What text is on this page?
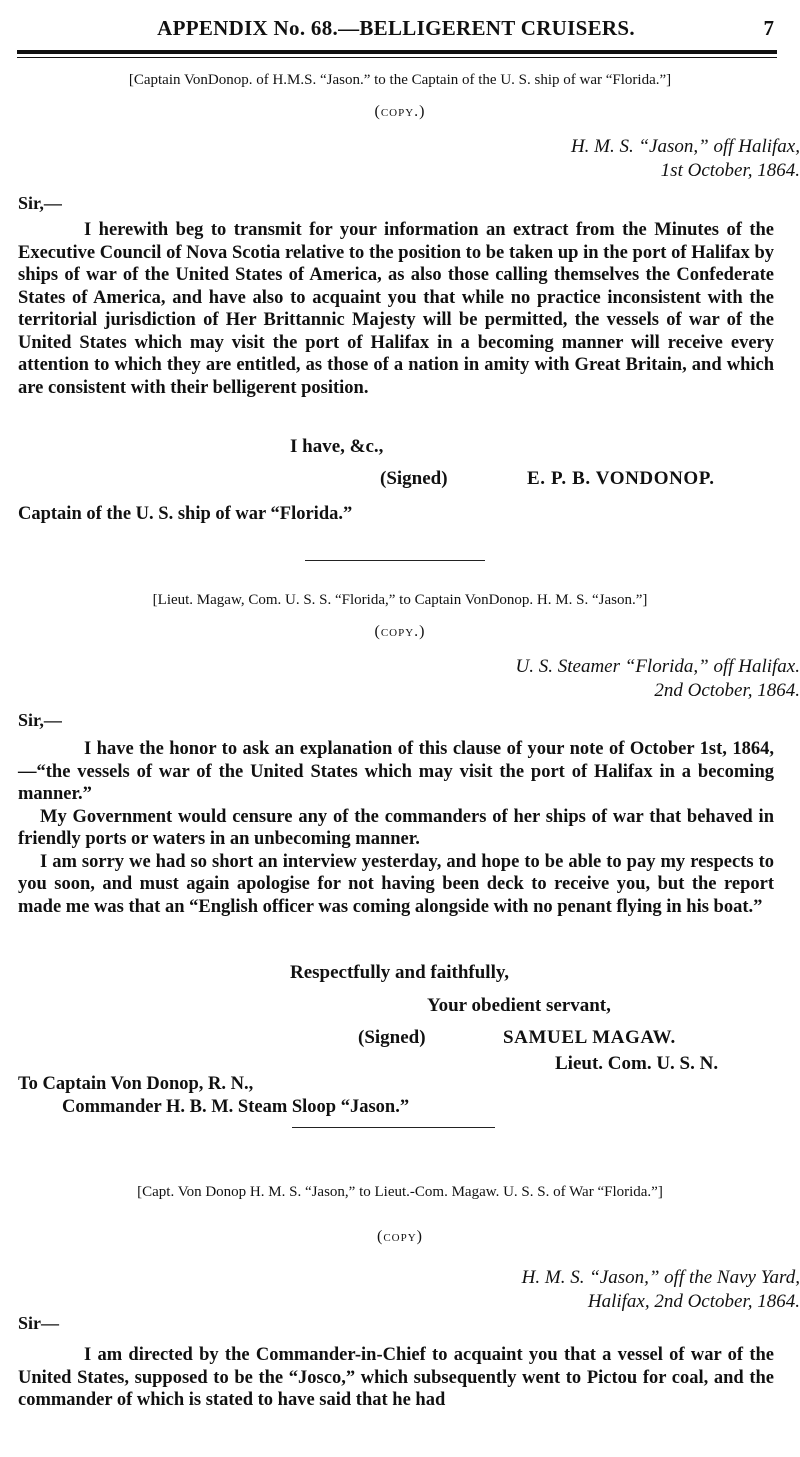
APPENDIX No. 68.—BELLIGERENT CRUISERS.	7
[Captain VonDonop. of H.M.S. “Jason.” to the Captain of the U. S. ship of war “Florida.”]
(copy.)
H. M. S. “Jason,” off Halifax,
1st October, 1864.
Sir,—

I herewith beg to transmit for your information an extract from the Minutes of the Executive Council of Nova Scotia relative to the position to be taken up in the port of Halifax by ships of war of the United States of America, as also those calling themselves the Confederate States of America, and have also to acquaint you that while no practice inconsistent with the territorial jurisdiction of Her Brittannic Majesty will be permitted, the vessels of war of the United States which may visit the port of Halifax in a becoming manner will receive every attention to which they are entitled, as those of a nation in amity with Great Britain, and which are consistent with their belligerent position.

I have, &c.,
(Signed)	E. P. B. VONDONOP.
Captain of the U. S. ship of war “Florida.”
[Lieut. Magaw, Com. U. S. S. “Florida,” to Captain VonDonop. H. M. S. “Jason.”]
(copy.)
U. S. Steamer “Florida,” off Halifax.
2nd October, 1864.
Sir,—

I have the honor to ask an explanation of this clause of your note of October 1st, 1864,—“the vessels of war of the United States which may visit the port of Halifax in a becoming manner.”

My Government would censure any of the commanders of her ships of war that behaved in friendly ports or waters in an unbecoming manner.

I am sorry we had so short an interview yesterday, and hope to be able to pay my respects to you soon, and must again apologise for not having been deck to receive you, but the report made me was that an “English officer was coming alongside with no penant flying in his boat.”

Respectfully and faithfully,
Your obedient servant,
(Signed)	SAMUEL MAGAW.
Lieut. Com. U. S. N.
To Captain Von Donop, R. N.,
Commander H. B. M. Steam Sloop “Jason.”
[Capt. Von Donop H. M. S. “Jason,” to Lieut.-Com. Magaw. U. S. S. of War “Florida.”]
(copy)
H. M. S. “Jason,” off the Navy Yard,
Halifax, 2nd October, 1864.
Sir—

I am directed by the Commander-in-Chief to acquaint you that a vessel of war of the United States, supposed to be the “Josco,” which subsequently went to Pictou for coal, and the commander of which is stated to have said that he had
